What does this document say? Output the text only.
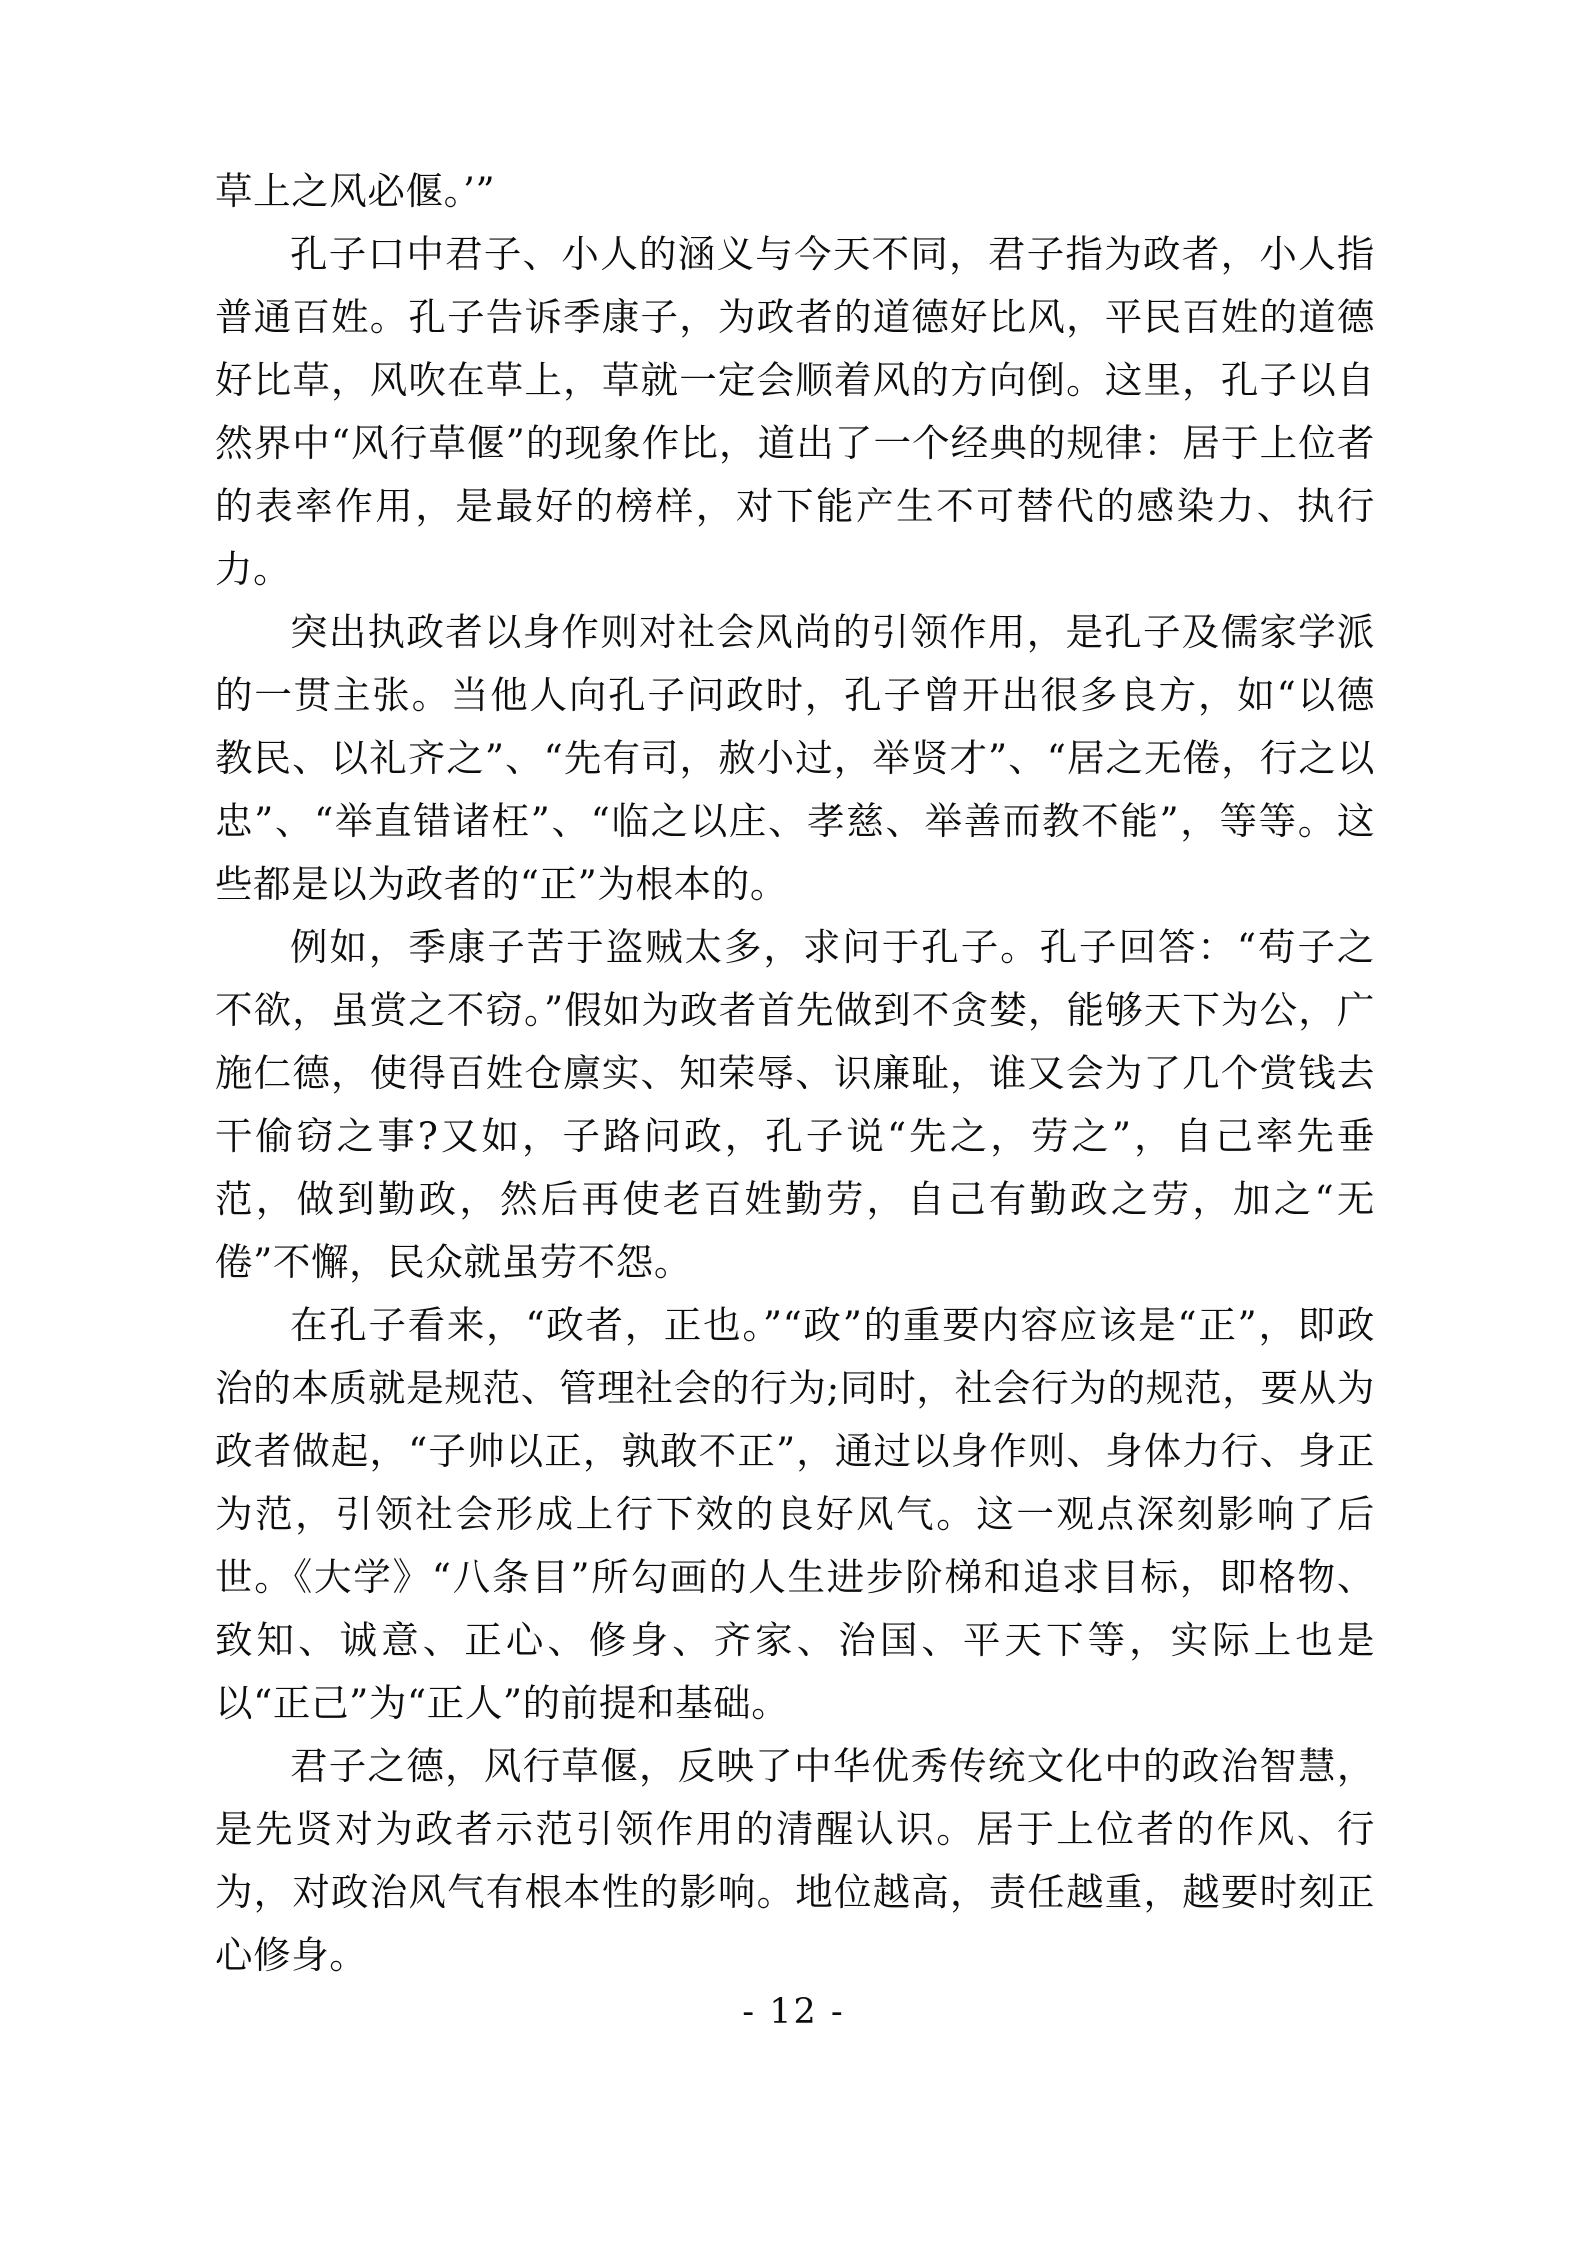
草上之风必偃。’”

孔子口中君子、小人的涵义与今天不同，君子指为政者，小人指普通百姓。孔子告诉季康子，为政者的道德好比风，平民百姓的道德好比草，风吹在草上，草就一定会顺着风的方向倒。这里，孔子以自然界中“风行草偃”的现象作比，道出了一个经典的规律：居于上位者的表率作用，是最好的榜样，对下能产生不可替代的感染力、执行力。

突出执政者以身作则对社会风尚的引领作用，是孔子及儒家学派的一贯主张。当他人向孔子问政时，孔子曾开出很多良方，如“以德教民、以礼齐之”、“先有司，赦小过，举贤才”、“居之无倦，行之以忠”、“举直错诸枉”、“临之以庄、孝慈、举善而教不能”，等等。这些都是以为政者的“正”为根本的。

例如，季康子苦于盗贼太多，求问于孔子。孔子回答：“苟子之不欲，虽赏之不窃。”假如为政者首先做到不贪婪，能够天下为公，广施仁德，使得百姓仓廪实、知荣辱、识廉耻，谁又会为了几个赏钱去干偷窃之事?又如，子路问政，孔子说“先之，劳之”，自己率先垂范，做到勤政，然后再使老百姓勤劳，自己有勤政之劳，加之“无倦”不懈，民众就虽劳不怨。

在孔子看来，“政者，正也。”“政”的重要内容应该是“正”，即政治的本质就是规范、管理社会的行为;同时，社会行为的规范，要从为政者做起，“子帅以正，孰敢不正”，通过以身作则、身体力行、身正为范，引领社会形成上行下效的良好风气。这一观点深刻影响了后世。《大学》“八条目”所勾画的人生进步阶梯和追求目标，即格物、致知、诚意、正心、修身、齐家、治国、平天下等，实际上也是以“正己”为“正人”的前提和基础。

君子之德，风行草偃，反映了中华优秀传统文化中的政治智慧，是先贤对为政者示范引领作用的清醒认识。居于上位者的作风、行为，对政治风气有根本性的影响。地位越高，责任越重，越要时刻正心修身。

- 12 -
